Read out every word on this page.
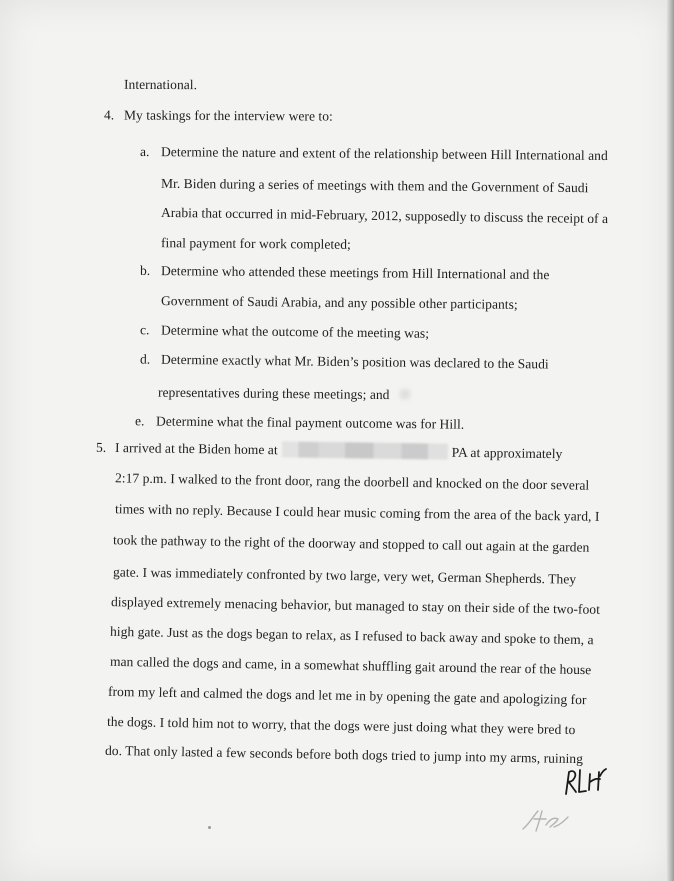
International.
4. My taskings for the interview were to:
a. Determine the nature and extent of the relationship between Hill International and
Mr. Biden during a series of meetings with them and the Government of Saudi
Arabia that occurred in mid-February, 2012, supposedly to discuss the receipt of a
final payment for work completed;
b. Determine who attended these meetings from Hill International and the
Government of Saudi Arabia, and any possible other participants;
c. Determine what the outcome of the meeting was;
d. Determine exactly what Mr. Biden’s position was declared to the Saudi
representatives during these meetings; and
e. Determine what the final payment outcome was for Hill.
5. I arrived at the Biden home at	PA at approximately
2:17 p.m. I walked to the front door, rang the doorbell and knocked on the door several
times with no reply. Because I could hear music coming from the area of the back yard, I
took the pathway to the right of the doorway and stopped to call out again at the garden
gate. I was immediately confronted by two large, very wet, German Shepherds. They
displayed extremely menacing behavior, but managed to stay on their side of the two-foot
high gate. Just as the dogs began to relax, as I refused to back away and spoke to them, a
man called the dogs and came, in a somewhat shuffling gait around the rear of the house
from my left and calmed the dogs and let me in by opening the gate and apologizing for
the dogs. I told him not to worry, that the dogs were just doing what they were bred to
do. That only lasted a few seconds before both dogs tried to jump into my arms, ruining
